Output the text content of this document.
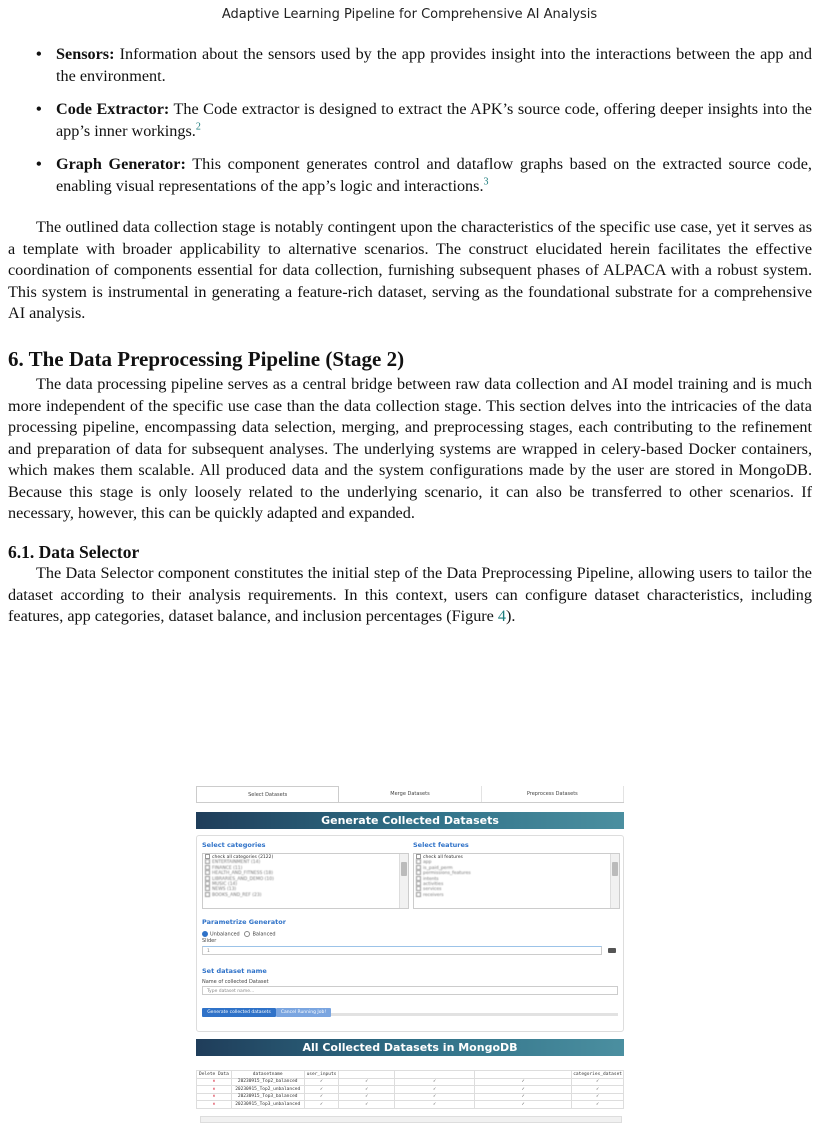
Adaptive Learning Pipeline for Comprehensive AI Analysis
• Sensors: Information about the sensors used by the app provides insight into the interactions between the app and the environment.
• Code Extractor: The Code extractor is designed to extract the APK’s source code, offering deeper insights into the app’s inner workings.$^2$
• Graph Generator: This component generates control and dataflow graphs based on the extracted source code, enabling visual representations of the app’s logic and interactions.$^3$

The outlined data collection stage is notably contingent upon the characteristics of the specific use case, yet it serves as a template with broader applicability to alternative scenarios. The construct elucidated herein facilitates the effective coordination of components essential for data collection, furnishing subsequent phases of ALPACA with a robust system. This system is instrumental in generating a feature-rich dataset, serving as the foundational substrate for a comprehensive AI analysis.

6. The Data Preprocessing Pipeline (Stage 2)

The data processing pipeline serves as a central bridge between raw data collection and AI model training and is much more independent of the specific use case than the data collection stage. This section delves into the intricacies of the data processing pipeline, encompassing data selection, merging, and preprocessing stages, each contributing to the refinement and preparation of data for subsequent analyses. The underlying systems are wrapped in celery-based Docker containers, which makes them scalable. All produced data and the system configurations made by the user are stored in MongoDB. Because this stage is only loosely related to the underlying scenario, it can also be transferred to other scenarios. If necessary, however, this can be quickly adapted and expanded.

6.1. Data Selector

The Data Selector component constitutes the initial step of the Data Preprocessing Pipeline, allowing users to tailor the dataset according to their analysis requirements. In this context, users can configure dataset characteristics, including features, app categories, dataset balance, and inclusion percentages (Figure 4).

Select Datasets	Merge Datasets	Preprocess Datasets
Generate Collected Datasets
Select categories	Select features
check all categories (2122)
ENTERTAINMENT (14)
FINANCE (11)
HEALTH_AND_FITNESS (18)
LIBRARIES_AND_DEMO (10)
MUSIC (14)
NEWS (13)
BOOKS_AND_REF (23)
check all features
app
is_paid_perm
permissions_features
intents
activities
services
receivers
Parametrize Generator
Unbalanced	Balanced
Slider
1
Set dataset name
Name of collected Dataset
Type dataset name...
Generate collected datasets	Cancel Running Job!
All Collected Datasets in MongoDB
Delete Data	datasetname	user_inputs				categories_dataset
✕	20230915_Top2_balanced	✓	✓	✓	✓	✓
✕	20230915_Top2_unbalanced	✓	✓	✓	✓	✓
✕	20230915_Top3_balanced	✓	✓	✓	✓	✓
✕	20230915_Top3_unbalanced	✓	✓	✓	✓	✓
